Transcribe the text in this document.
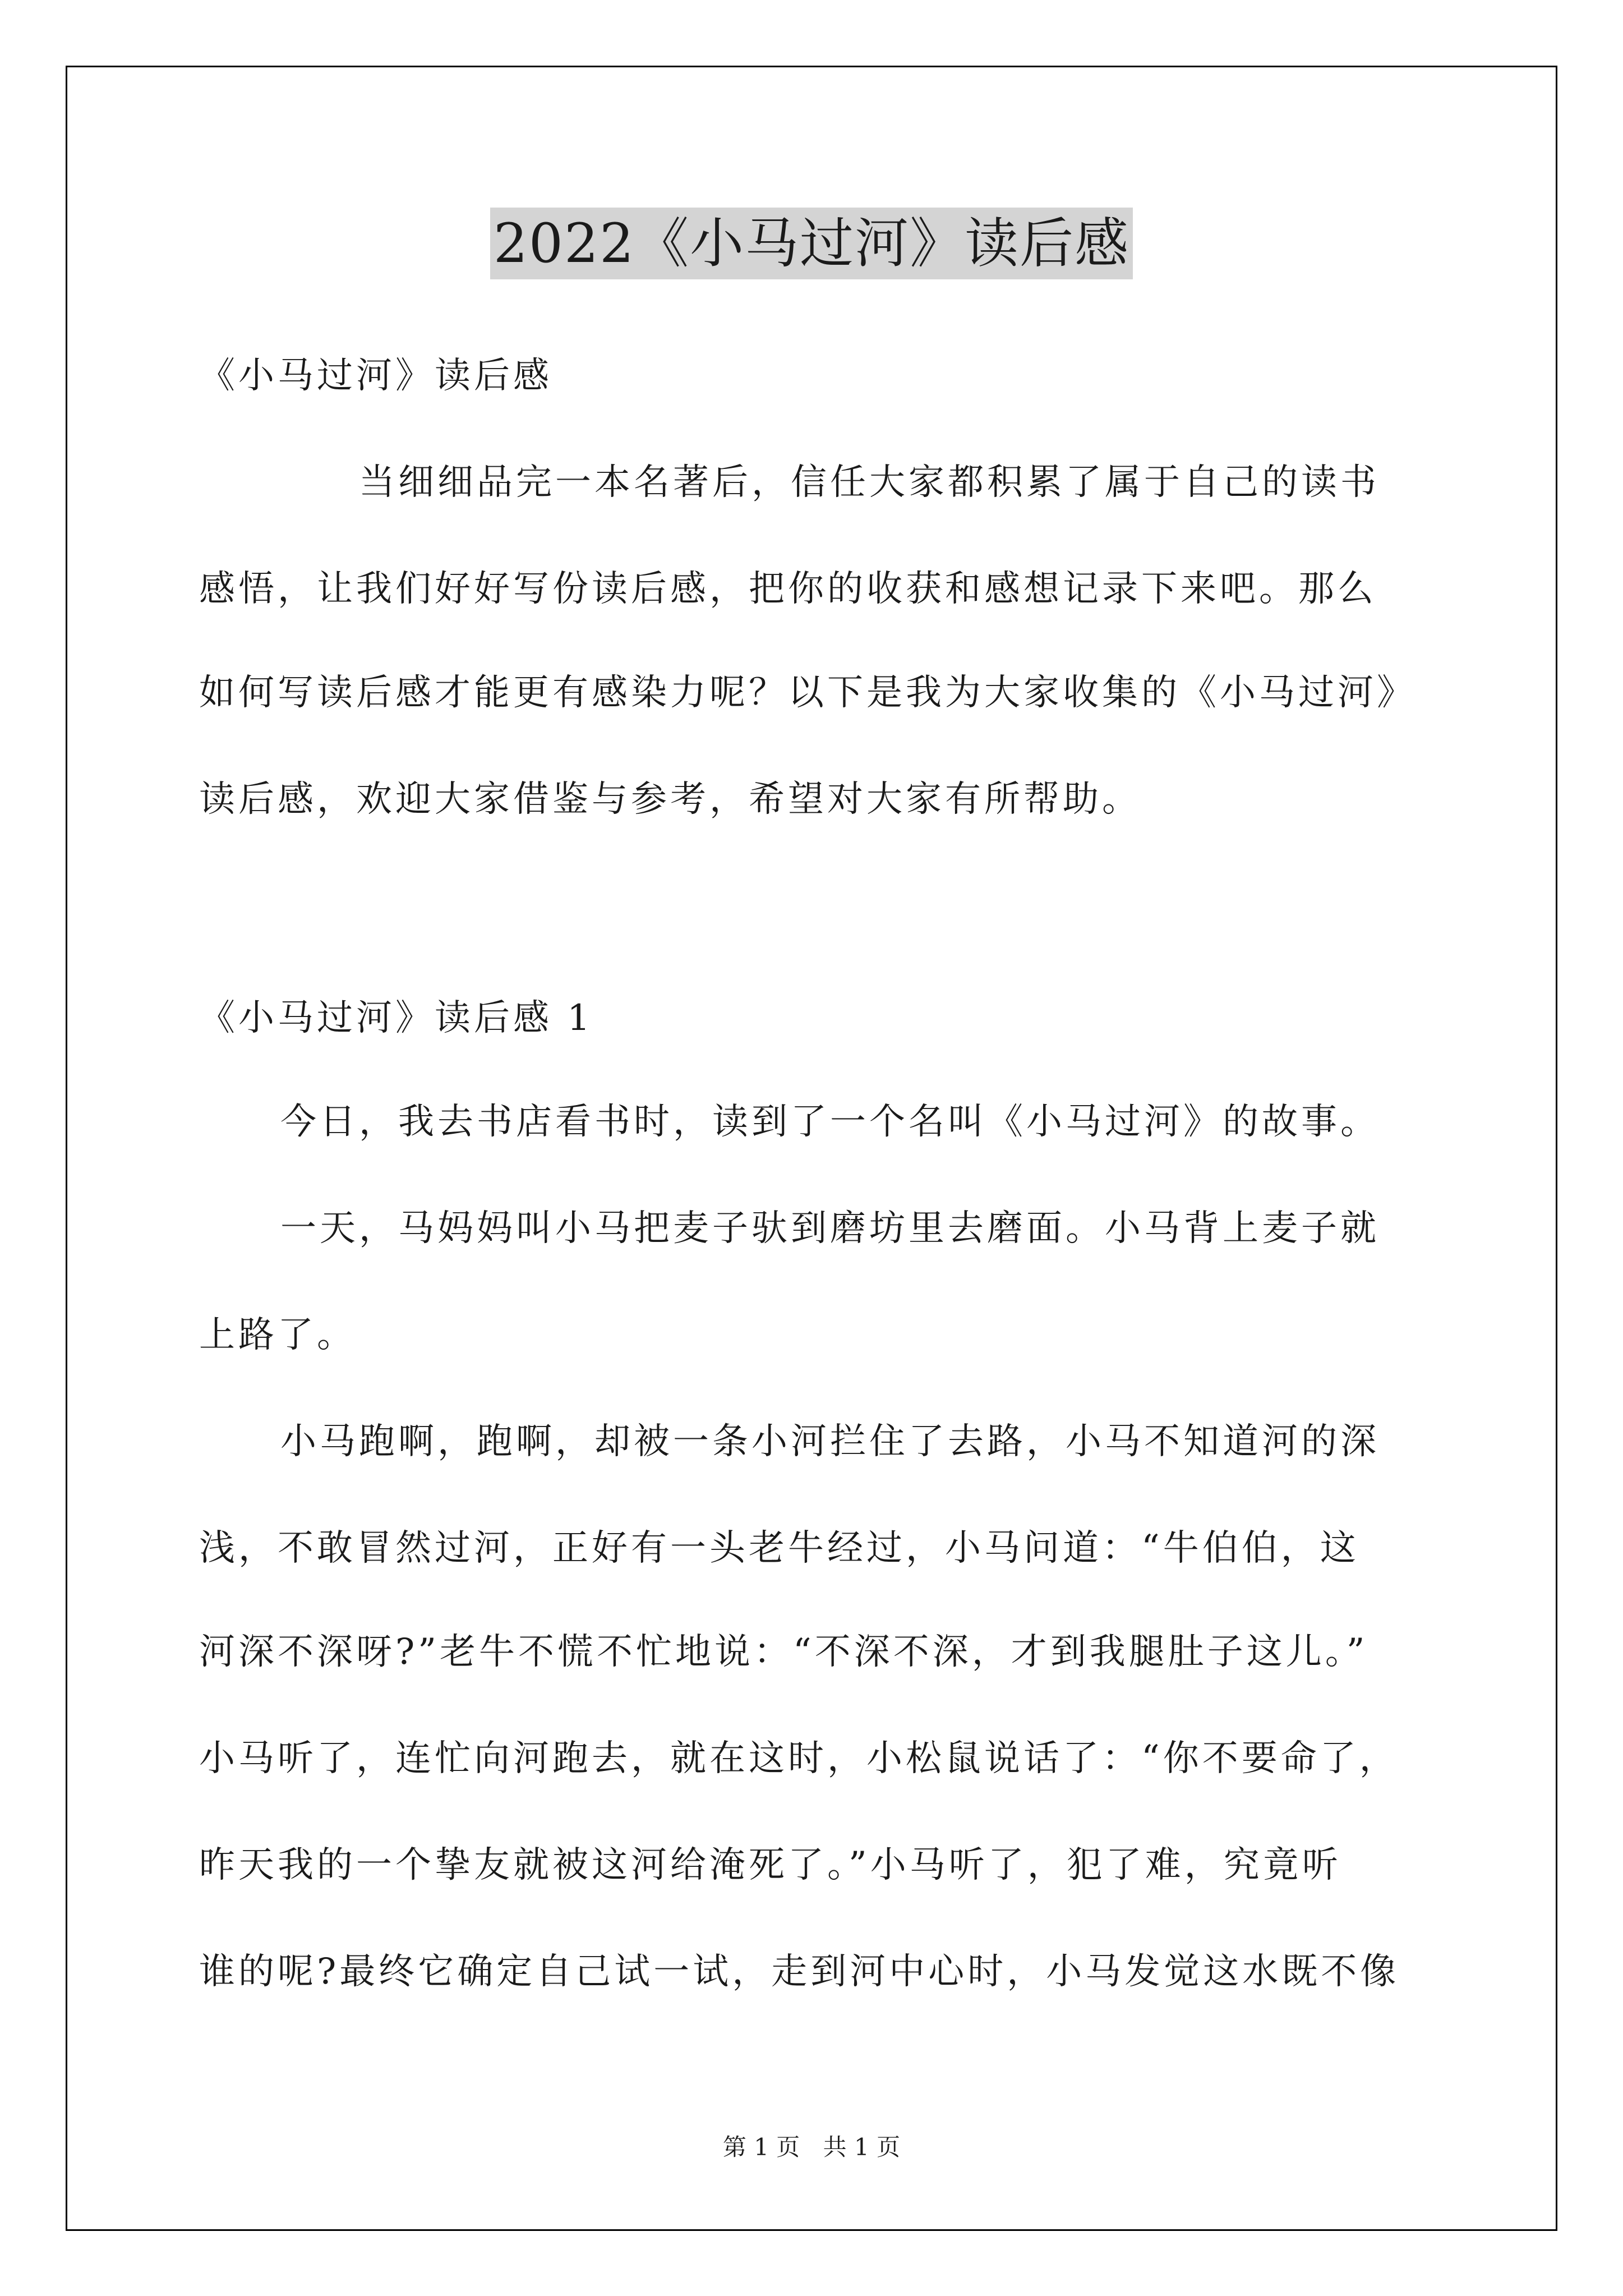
2022《小马过河》读后感
《小马过河》读后感
当细细品完一本名著后，信任大家都积累了属于自己的读书
感悟，让我们好好写份读后感，把你的收获和感想记录下来吧。那么
如何写读后感才能更有感染力呢？以下是我为大家收集的《小马过河》
读后感，欢迎大家借鉴与参考，希望对大家有所帮助。
《小马过河》读后感 1
今日，我去书店看书时，读到了一个名叫《小马过河》的故事。
一天，马妈妈叫小马把麦子驮到磨坊里去磨面。小马背上麦子就
上路了。
小马跑啊，跑啊，却被一条小河拦住了去路，小马不知道河的深
浅，不敢冒然过河，正好有一头老牛经过，小马问道：“牛伯伯，这
河深不深呀?”老牛不慌不忙地说：“不深不深，才到我腿肚子这儿。”
小马听了，连忙向河跑去，就在这时，小松鼠说话了：“你不要命了，
昨天我的一个挚友就被这河给淹死了。”小马听了，犯了难，究竟听
谁的呢?最终它确定自己试一试，走到河中心时，小马发觉这水既不像
第 1 页 共 1 页
